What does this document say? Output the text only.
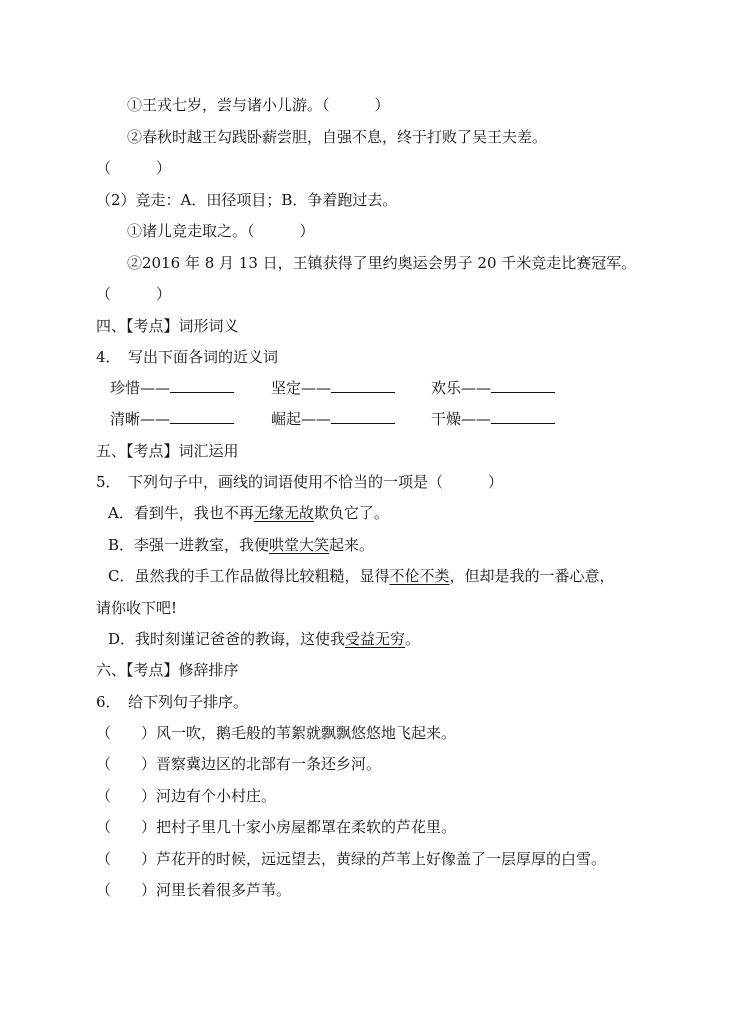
①王戎七岁，尝与诸小儿游。（　　　）
②春秋时越王勾践卧薪尝胆，自强不息，终于打败了吴王夫差。
（　　　）
（2）竞走：A．田径项目；B．争着跑过去。
①诸儿竞走取之。（　　　）
②2016 年 8 月 13 日，王镇获得了里约奥运会男子 20 千米竞走比赛冠军。
（　　　）
四、【考点】词形词义
4．　写出下面各词的近义词
珍惜——	坚定——	欢乐——
清晰——	崛起——	干燥——
五、【考点】词汇运用
5．　下列句子中，画线的词语使用不恰当的一项是（　　　）
A．看到牛，我也不再无缘无故欺负它了。
B．李强一进教室，我便哄堂大笑起来。
C．虽然我的手工作品做得比较粗糙，显得不伦不类，但却是我的一番心意，
请你收下吧!
D．我时刻谨记爸爸的教诲，这使我受益无穷。
六、【考点】修辞排序
6．　给下列句子排序。
（　　）风一吹，鹅毛般的苇絮就飘飘悠悠地飞起来。
（　　）晋察冀边区的北部有一条还乡河。
（　　）河边有个小村庄。
（　　）把村子里几十家小房屋都罩在柔软的芦花里。
（　　）芦花开的时候，远远望去，黄绿的芦苇上好像盖了一层厚厚的白雪。
（　　）河里长着很多芦苇。
